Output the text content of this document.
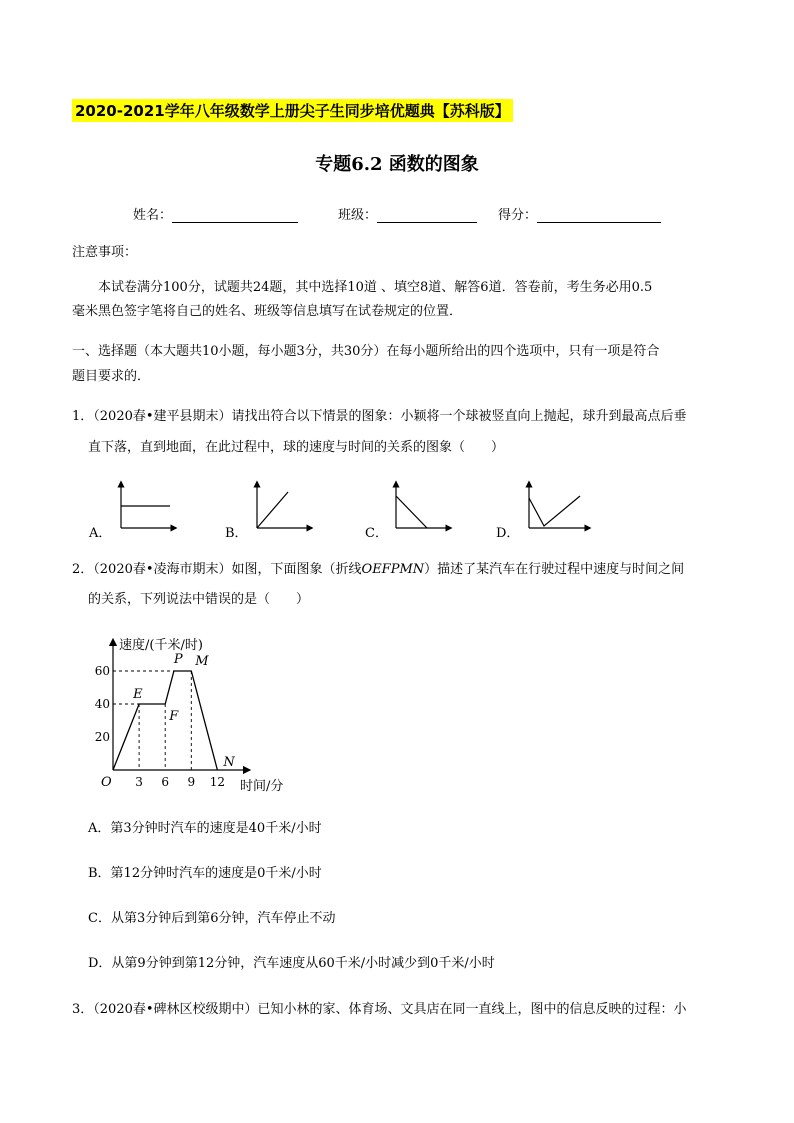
2020-2021学年八年级数学上册尖子生同步培优题典【苏科版】
专题6.2 函数的图象
姓名：	班级：	得分：
注意事项：
本试卷满分100分，试题共24题，其中选择10道 、填空8道、解答6道．答卷前，考生务必用0.5
毫米黑色签字笔将自己的姓名、班级等信息填写在试卷规定的位置．
一、选择题（本大题共10小题，每小题3分，共30分）在每小题所给出的四个选项中，只有一项是符合
题目要求的．
1．（2020春•建平县期末）请找出符合以下情景的图象：小颖将一个球被竖直向上抛起，球升到最高点后垂
直下落，直到地面，在此过程中，球的速度与时间的关系的图象（　　）
A．	B．	C．	D．
2．（2020春•凌海市期末）如图，下面图象（折线OEFPMN）描述了某汽车在行驶过程中速度与时间之间
的关系，下列说法中错误的是（　　）
20
40
60
3 6 9 12
O
E
F
P M
N
速度/(千米/时)
时间/分
A．第3分钟时汽车的速度是40千米/小时
B．第12分钟时汽车的速度是0千米/小时
C．从第3分钟后到第6分钟，汽车停止不动
D．从第9分钟到第12分钟，汽车速度从60千米/小时减少到0千米/小时
3．（2020春•碑林区校级期中）已知小林的家、体育场、文具店在同一直线上，图中的信息反映的过程：小
